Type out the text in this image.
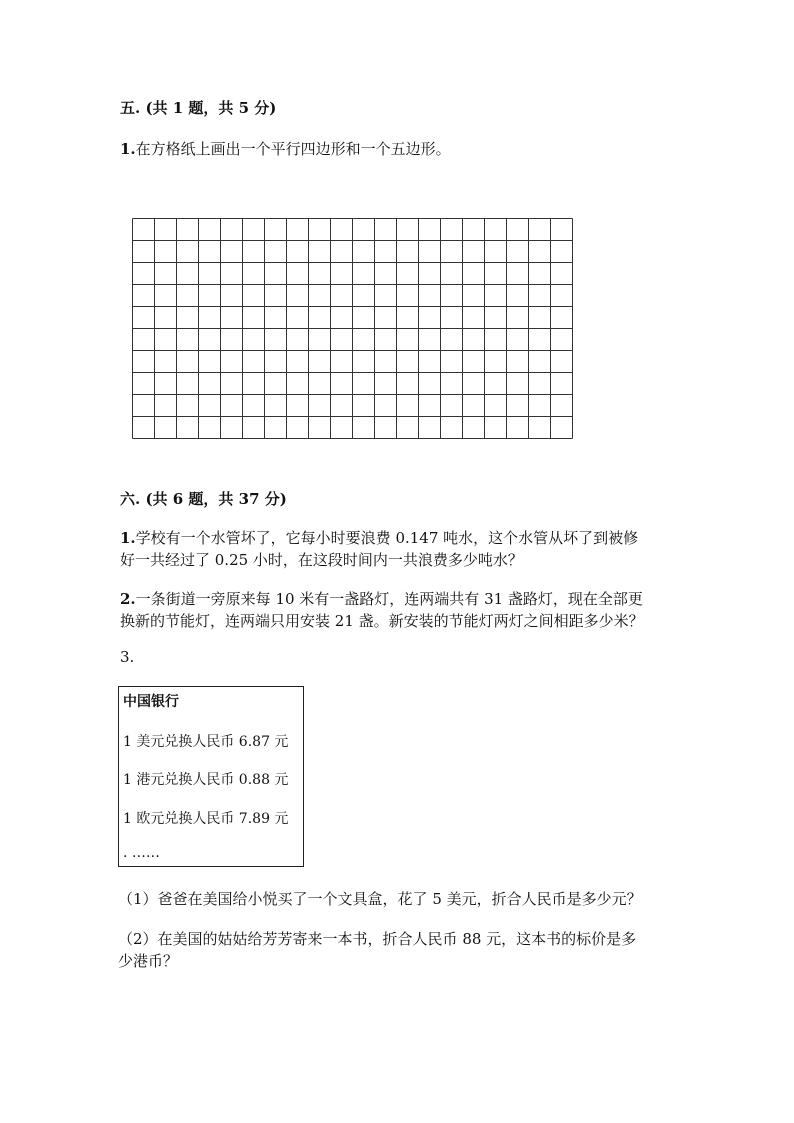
五. (共 1 题，共 5 分)
1.在方格纸上画出一个平行四边形和一个五边形。
六. (共 6 题，共 37 分)
1.学校有一个水管坏了，它每小时要浪费 0.147 吨水，这个水管从坏了到被修
好一共经过了 0.25 小时，在这段时间内一共浪费多少吨水？
2.一条街道一旁原来每 10 米有一盏路灯，连两端共有 31 盏路灯，现在全部更
换新的节能灯，连两端只用安装 21 盏。新安装的节能灯两灯之间相距多少米？
3.
中国银行
1 美元兑换人民币 6.87 元
1 港元兑换人民币 0.88 元
1 欧元兑换人民币 7.89 元
. ……
（1）爸爸在美国给小悦买了一个文具盒，花了 5 美元，折合人民币是多少元？
（2）在美国的姑姑给芳芳寄来一本书，折合人民币 88 元，这本书的标价是多
少港币？
